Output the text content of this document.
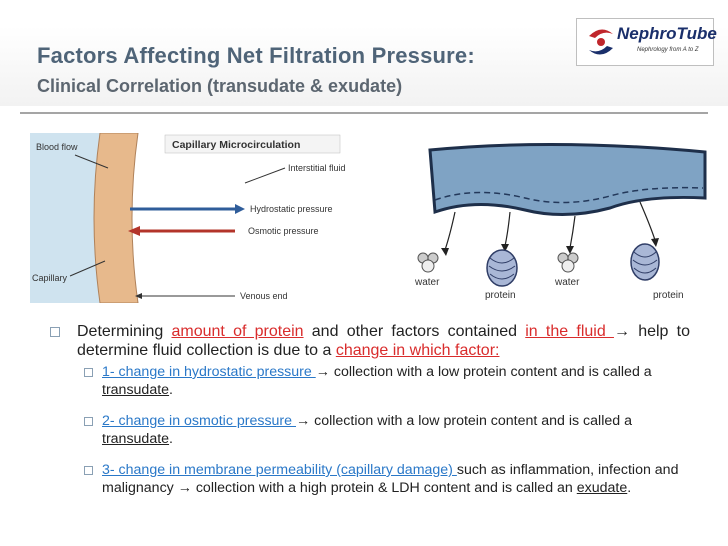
Factors Affecting Net Filtration Pressure:
Clinical Correlation (transudate & exudate)
NephroTube
Nephrology from A to Z
Capillary Microcirculation
Blood flow
Interstitial fluid
Hydrostatic pressure
Osmotic pressure
Capillary
Venous end
water
protein
water
protein
Determining amount of protein and other factors contained in the fluid → help to determine fluid collection is due to a change in which factor:
1- change in hydrostatic pressure → collection with a low protein content and is called a transudate.
2- change in osmotic pressure → collection with a low protein content and is called a transudate.
3- change in membrane permeability (capillary damage) such as inflammation, infection and malignancy → collection with a high protein & LDH content and is called an exudate.
